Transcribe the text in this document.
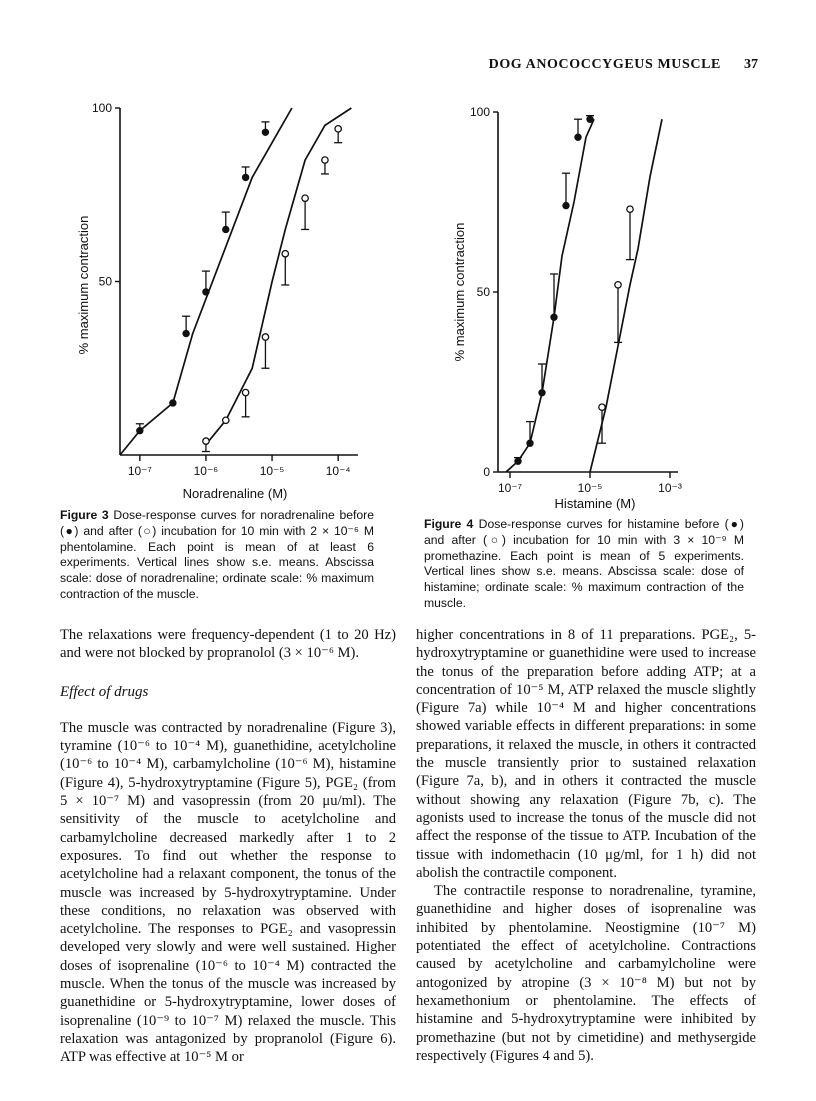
DOG ANOCOCCYGEUS MUSCLE 37
100
50
10⁻⁷	10⁻⁶	10⁻⁵	10⁻⁴
% maximum contraction
Noradrenaline (M)
Figure 3 Dose-response curves for noradrenaline before (●) and after (○) incubation for 10 min with 2 × 10⁻⁶ M phentolamine. Each point is mean of at least 6 experiments. Vertical lines show s.e. means. Abscissa scale: dose of noradrenaline; ordinate scale: % maximum contraction of the muscle.
100
50
0
10⁻⁷	10⁻⁵	10⁻³
% maximum contraction
Histamine (M)
Figure 4 Dose-response curves for histamine before (●) and after (○) incubation for 10 min with 3 × 10⁻⁹ M promethazine. Each point is mean of 5 experiments. Vertical lines show s.e. means. Abscissa scale: dose of histamine; ordinate scale: % maximum contraction of the muscle.

The relaxations were frequency-dependent (1 to 20 Hz) and were not blocked by propranolol (3 × 10⁻⁶ M).

Effect of drugs

The muscle was contracted by noradrenaline (Figure 3), tyramine (10⁻⁶ to 10⁻⁴ M), guanethidine, acetylcholine (10⁻⁶ to 10⁻⁴ M), carbamylcholine (10⁻⁶ M), histamine (Figure 4), 5-hydroxytryptamine (Figure 5), PGE₂ (from 5 × 10⁻⁷ M) and vasopressin (from 20 μu/ml). The sensitivity of the muscle to acetylcholine and carbamylcholine decreased markedly after 1 to 2 exposures. To find out whether the response to acetylcholine had a relaxant component, the tonus of the muscle was increased by 5-hydroxytryptamine. Under these conditions, no relaxation was observed with acetylcholine. The responses to PGE₂ and vasopressin developed very slowly and were well sustained. Higher doses of isoprenaline (10⁻⁶ to 10⁻⁴ M) contracted the muscle. When the tonus of the muscle was increased by guanethidine or 5-hydroxytryptamine, lower doses of isoprenaline (10⁻⁹ to 10⁻⁷ M) relaxed the muscle. This relaxation was antagonized by propranolol (Figure 6). ATP was effective at 10⁻⁵ M or

higher concentrations in 8 of 11 preparations. PGE₂, 5-hydroxytryptamine or guanethidine were used to increase the tonus of the preparation before adding ATP; at a concentration of 10⁻⁵ M, ATP relaxed the muscle slightly (Figure 7a) while 10⁻⁴ M and higher concentrations showed variable effects in different preparations: in some preparations, it relaxed the muscle, in others it contracted the muscle transiently prior to sustained relaxation (Figure 7a, b), and in others it contracted the muscle without showing any relaxation (Figure 7b, c). The agonists used to increase the tonus of the muscle did not affect the response of the tissue to ATP. Incubation of the tissue with indomethacin (10 μg/ml, for 1 h) did not abolish the contractile component.

The contractile response to noradrenaline, tyramine, guanethidine and higher doses of isoprenaline was inhibited by phentolamine. Neostigmine (10⁻⁷ M) potentiated the effect of acetylcholine. Contractions caused by acetylcholine and carbamylcholine were antogonized by atropine (3 × 10⁻⁸ M) but not by hexamethonium or phentolamine. The effects of histamine and 5-hydroxytryptamine were inhibited by promethazine (but not by cimetidine) and methysergide respectively (Figures 4 and 5).
